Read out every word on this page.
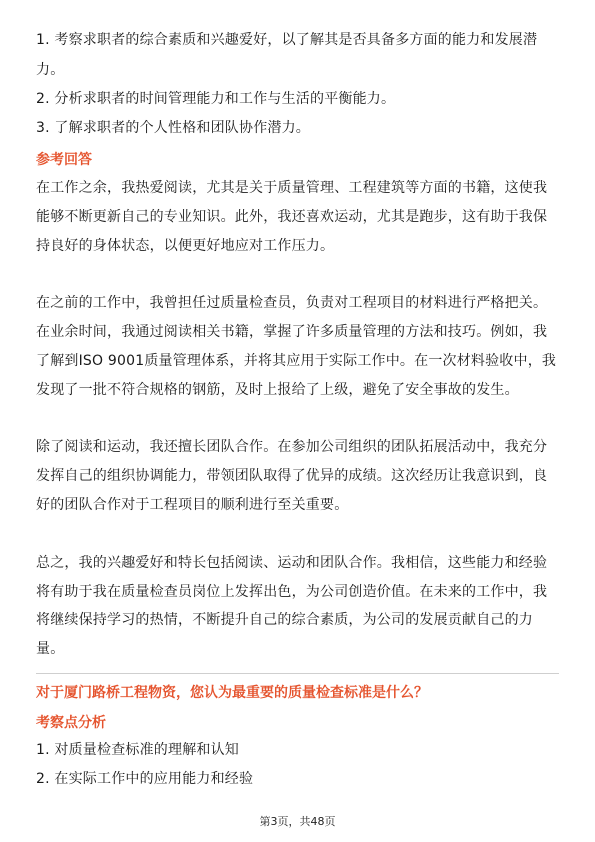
1. 考察求职者的综合素质和兴趣爱好，以了解其是否具备多方面的能力和发展潜
力。
2. 分析求职者的时间管理能力和工作与生活的平衡能力。
3. 了解求职者的个人性格和团队协作潜力。
参考回答
在工作之余，我热爱阅读，尤其是关于质量管理、工程建筑等方面的书籍，这使我
能够不断更新自己的专业知识。此外，我还喜欢运动，尤其是跑步，这有助于我保
持良好的身体状态，以便更好地应对工作压力。
在之前的工作中，我曾担任过质量检查员，负责对工程项目的材料进行严格把关。
在业余时间，我通过阅读相关书籍，掌握了许多质量管理的方法和技巧。例如，我
了解到ISO 9001质量管理体系，并将其应用于实际工作中。在一次材料验收中，我
发现了一批不符合规格的钢筋，及时上报给了上级，避免了安全事故的发生。
除了阅读和运动，我还擅长团队合作。在参加公司组织的团队拓展活动中，我充分
发挥自己的组织协调能力，带领团队取得了优异的成绩。这次经历让我意识到，良
好的团队合作对于工程项目的顺利进行至关重要。
总之，我的兴趣爱好和特长包括阅读、运动和团队合作。我相信，这些能力和经验
将有助于我在质量检查员岗位上发挥出色，为公司创造价值。在未来的工作中，我
将继续保持学习的热情，不断提升自己的综合素质，为公司的发展贡献自己的力
量。
对于厦门路桥工程物资，您认为最重要的质量检查标准是什么？
考察点分析
1. 对质量检查标准的理解和认知
2. 在实际工作中的应用能力和经验
第3页，共48页
